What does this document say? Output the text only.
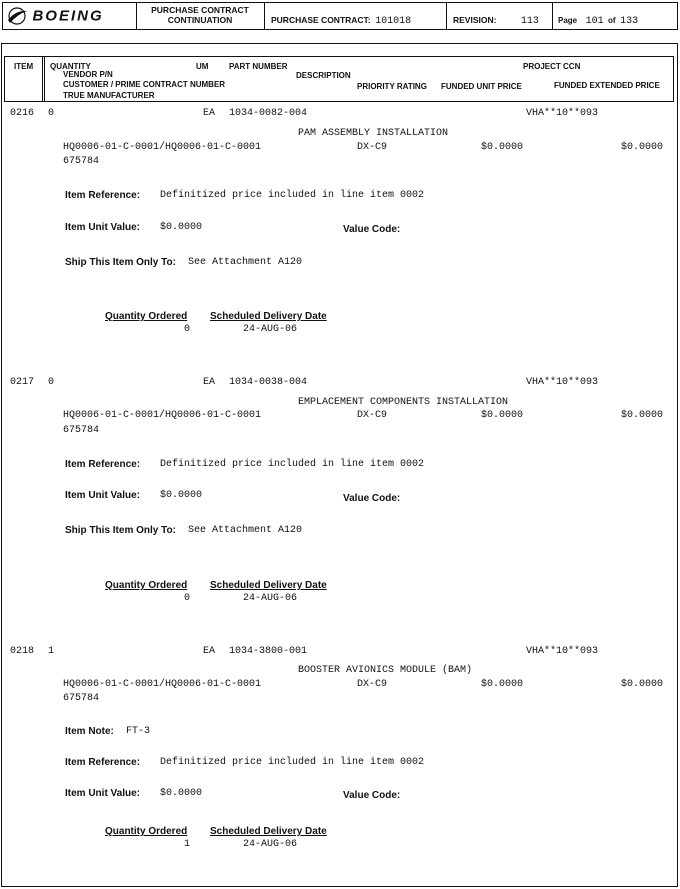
BOEING	PURCHASE CONTRACT
CONTINUATION	PURCHASE CONTRACT: 101018	REVISION: 113 Page 101 of 133
ITEM QUANTITY	UM	PART NUMBER	PROJECT CCN
VENDOR P/N	DESCRIPTION
CUSTOMER / PRIME CONTRACT NUMBER	PRIORITY RATING FUNDED UNIT PRICE	FUNDED EXTENDED PRICE
TRUE MANUFACTURER
0216 0	EA 1034-0082-004	VHA**10**093
PAM ASSEMBLY INSTALLATION
HQ0006-01-C-0001/HQ0006-01-C-0001	DX-C9	$0.0000	$0.0000
675784
Item Reference: Definitized price included in line item 0002
Item Unit Value: $0.0000	Value Code:
Ship This Item Only To: See Attachment A120
Quantity Ordered Scheduled Delivery Date
0	24-AUG-06
0217 0	EA 1034-0038-004	VHA**10**093
EMPLACEMENT COMPONENTS INSTALLATION
HQ0006-01-C-0001/HQ0006-01-C-0001	DX-C9	$0.0000	$0.0000
675784
Item Reference: Definitized price included in line item 0002
Item Unit Value: $0.0000	Value Code:
Ship This Item Only To: See Attachment A120
Quantity Ordered Scheduled Delivery Date
0	24-AUG-06
0218 1	EA 1034-3800-001	VHA**10**093
BOOSTER AVIONICS MODULE (BAM)
HQ0006-01-C-0001/HQ0006-01-C-0001	DX-C9	$0.0000	$0.0000
675784
Item Note: FT-3
Item Reference: Definitized price included in line item 0002
Item Unit Value: $0.0000	Value Code:
Quantity Ordered Scheduled Delivery Date
1	24-AUG-06
